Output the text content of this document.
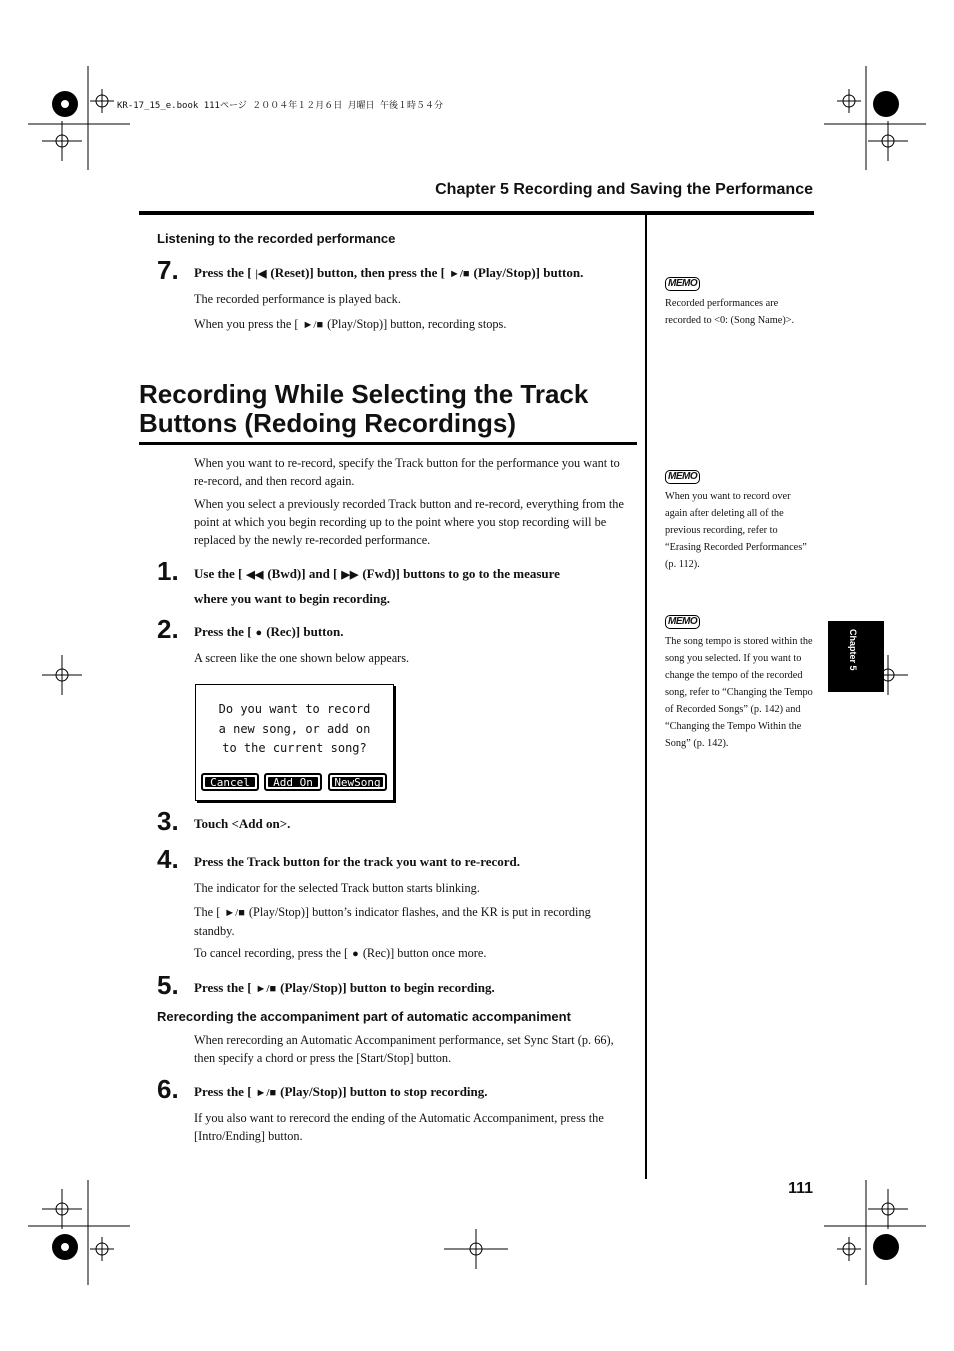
KR-17_15_e.book 111ページ ２００４年１２月６日 月曜日 午後１時５４分
Chapter 5 Recording and Saving the Performance
Listening to the recorded performance
7. Press the [ |◀ (Reset)] button, then press the [ ►/■ (Play/Stop)] button.
The recorded performance is played back.
When you press the [ ►/■ (Play/Stop)] button, recording stops.
Recording While Selecting the Track
Buttons (Redoing Recordings)
When you want to re-record, specify the Track button for the performance you want to re-record, and then record again.
When you select a previously recorded Track button and re-record, everything from the point at which you begin recording up to the point where you stop recording will be replaced by the newly re-recorded performance.
1. Use the [ ◀◀ (Bwd)] and [ ▶▶ (Fwd)] buttons to go to the measure
where you want to begin recording.
2. Press the [ ● (Rec)] button.
A screen like the one shown below appears.
Do you want to record
a new song, or add on
to the current song?
Cancel	Add On	NewSong
3. Touch <Add on>.
4. Press the Track button for the track you want to re-record.
The indicator for the selected Track button starts blinking.
The [ ►/■ (Play/Stop)] button’s indicator flashes, and the KR is put in recording standby.
To cancel recording, press the [ ● (Rec)] button once more.
5. Press the [ ►/■ (Play/Stop)] button to begin recording.
Rerecording the accompaniment part of automatic accompaniment
When rerecording an Automatic Accompaniment performance, set Sync Start (p. 66), then specify a chord or press the [Start/Stop] button.
6. Press the [ ►/■ (Play/Stop)] button to stop recording.
If you also want to rerecord the ending of the Automatic Accompaniment, press the [Intro/Ending] button.
MEMO
Recorded performances are recorded to <0: (Song Name)>.
MEMO
When you want to record over again after deleting all of the previous recording, refer to “Erasing Recorded Performances” (p. 112).
MEMO
The song tempo is stored within the song you selected. If you want to change the tempo of the recorded song, refer to “Changing the Tempo of Recorded Songs” (p. 142) and “Changing the Tempo Within the Song” (p. 142).
Chapter 5
111
